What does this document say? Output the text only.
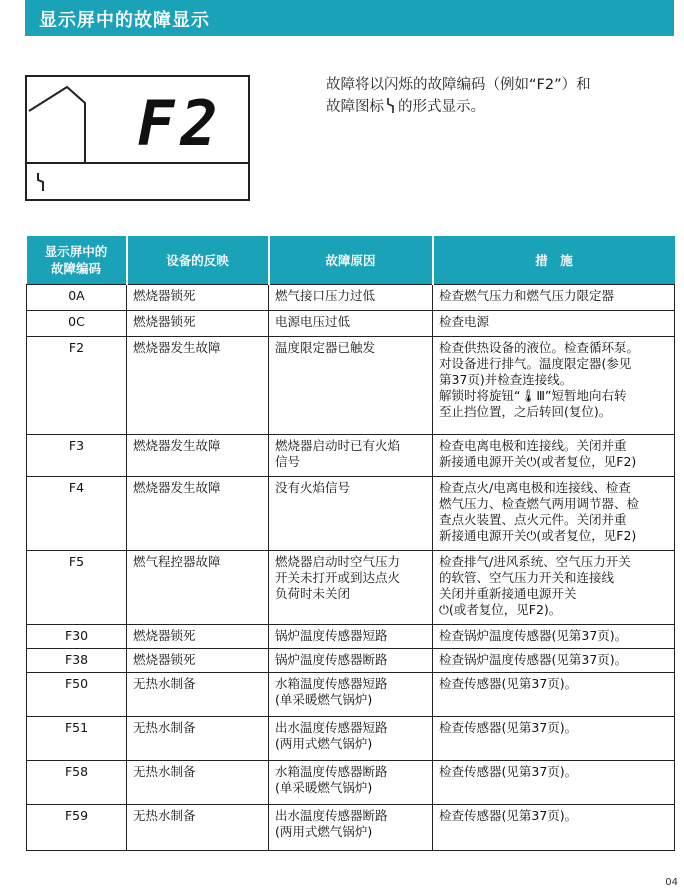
显示屏中的故障显示
F2
故障将以闪烁的故障编码（例如“F2”）和
故障图标 的形式显示。
显示屏中的
故障编码	设备的反映	故障原因	措　施
0A	燃烧器锁死	燃气接口压力过低	检查燃气压力和燃气压力限定器
0C	燃烧器锁死	电源电压过低	检查电源
F2	燃烧器发生故障	温度限定器已触发	检查供热设备的液位。检查循环泵。
对设备进行排气。温度限定器(参见
第37页)并检查连接线。
解锁时将旋钮“🌡Ⅲ”短暂地向右转
至止挡位置，之后转回(复位)。
F3	燃烧器发生故障	燃烧器启动时已有火焰
信号	检查电离电极和连接线。关闭并重
新接通电源开关⏻(或者复位，见F2)
F4	燃烧器发生故障	没有火焰信号	检查点火/电离电极和连接线、检查
燃气压力、检查燃气两用调节器、检
查点火装置、点火元件。关闭并重
新接通电源开关⏻(或者复位，见F2)
F5	燃气程控器故障	燃烧器启动时空气压力
开关未打开或到达点火
负荷时未关闭	检查排气/进风系统、空气压力开关
的软管、空气压力开关和连接线
关闭并重新接通电源开关
⏻(或者复位，见F2)。
F30	燃烧器锁死	锅炉温度传感器短路	检查锅炉温度传感器(见第37页)。
F38	燃烧器锁死	锅炉温度传感器断路	检查锅炉温度传感器(见第37页)。
F50	无热水制备	水箱温度传感器短路
(单采暖燃气锅炉)	检查传感器(见第37页)。
F51	无热水制备	出水温度传感器短路
(两用式燃气锅炉)	检查传感器(见第37页)。
F58	无热水制备	水箱温度传感器断路
(单采暖燃气锅炉)	检查传感器(见第37页)。
F59	无热水制备	出水温度传感器断路
(两用式燃气锅炉)	检查传感器(见第37页)。
04
